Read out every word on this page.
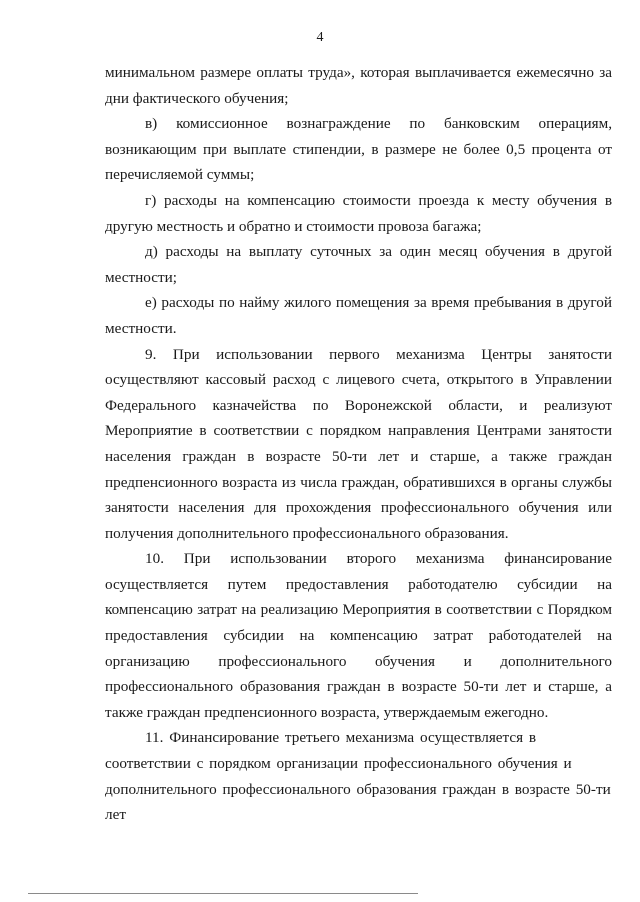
4

минимальном размере оплаты труда», которая выплачивается ежемесячно за дни фактического обучения;

в) комиссионное вознаграждение по банковским операциям, возникающим при выплате стипендии, в размере не более 0,5 процента от перечисляемой суммы;

г) расходы на компенсацию стоимости проезда к месту обучения в другую местность и обратно и стоимости провоза багажа;

д) расходы на выплату суточных за один месяц обучения в другой местности;

е) расходы по найму жилого помещения за время пребывания в другой местности.

9. При использовании первого механизма Центры занятости осуществляют кассовый расход с лицевого счета, открытого в Управлении Федерального казначейства по Воронежской области, и реализуют Мероприятие в соответствии с порядком направления Центрами занятости населения граждан в возрасте 50-ти лет и старше, а также граждан предпенсионного возраста из числа граждан, обратившихся в органы службы занятости населения для прохождения профессионального обучения или получения дополнительного профессионального образования.

10. При использовании второго механизма финансирование осуществляется путем предоставления работодателю субсидии на компенсацию затрат на реализацию Мероприятия в соответствии с Порядком предоставления субсидии на компенсацию затрат работодателей на организацию профессионального обучения и дополнительного профессионального образования граждан в возрасте 50-ти лет и старше, а также граждан предпенсионного возраста, утверждаемым ежегодно.

11. Финансирование третьего механизма осуществляется в соответствии с порядком организации профессионального обучения и дополнительного профессионального образования граждан в возрасте 50-ти лет
